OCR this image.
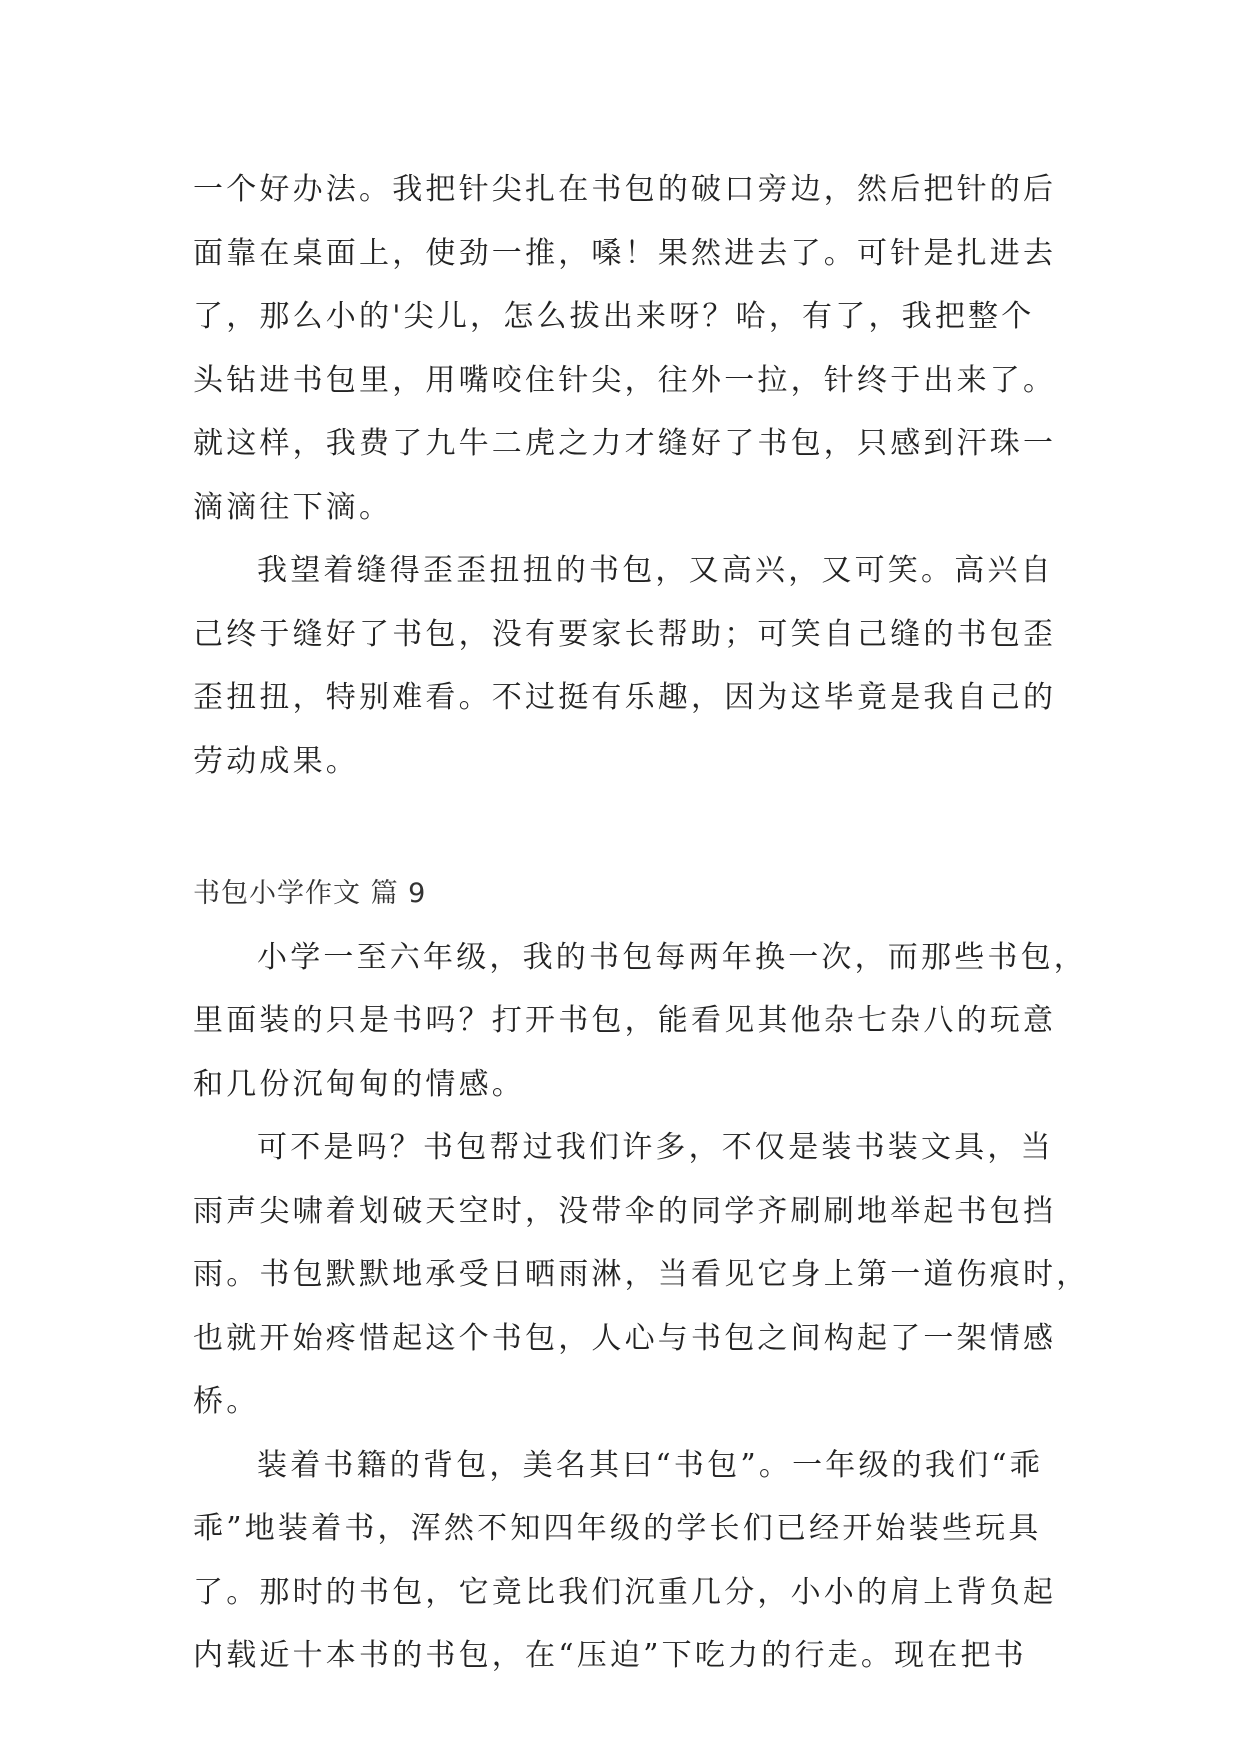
一个好办法。我把针尖扎在书包的破口旁边，然后把针的后
面靠在桌面上，使劲一推，嗓！果然进去了。可针是扎进去
了，那么小的'尖儿，怎么拔出来呀？哈，有了，我把整个
头钻进书包里，用嘴咬住针尖，往外一拉，针终于出来了。
就这样，我费了九牛二虎之力才缝好了书包，只感到汗珠一
滴滴往下滴。
我望着缝得歪歪扭扭的书包，又高兴，又可笑。高兴自
己终于缝好了书包，没有要家长帮助；可笑自己缝的书包歪
歪扭扭，特别难看。不过挺有乐趣，因为这毕竟是我自己的
劳动成果。
书包小学作文 篇 9
小学一至六年级，我的书包每两年换一次，而那些书包，
里面装的只是书吗？打开书包，能看见其他杂七杂八的玩意
和几份沉甸甸的情感。
可不是吗？书包帮过我们许多，不仅是装书装文具，当
雨声尖啸着划破天空时，没带伞的同学齐刷刷地举起书包挡
雨。书包默默地承受日晒雨淋，当看见它身上第一道伤痕时，
也就开始疼惜起这个书包，人心与书包之间构起了一架情感
桥。
装着书籍的背包，美名其曰“书包”。一年级的我们“乖
乖”地装着书，浑然不知四年级的学长们已经开始装些玩具
了。那时的书包，它竟比我们沉重几分，小小的肩上背负起
内载近十本书的书包，在“压迫”下吃力的行走。现在把书
